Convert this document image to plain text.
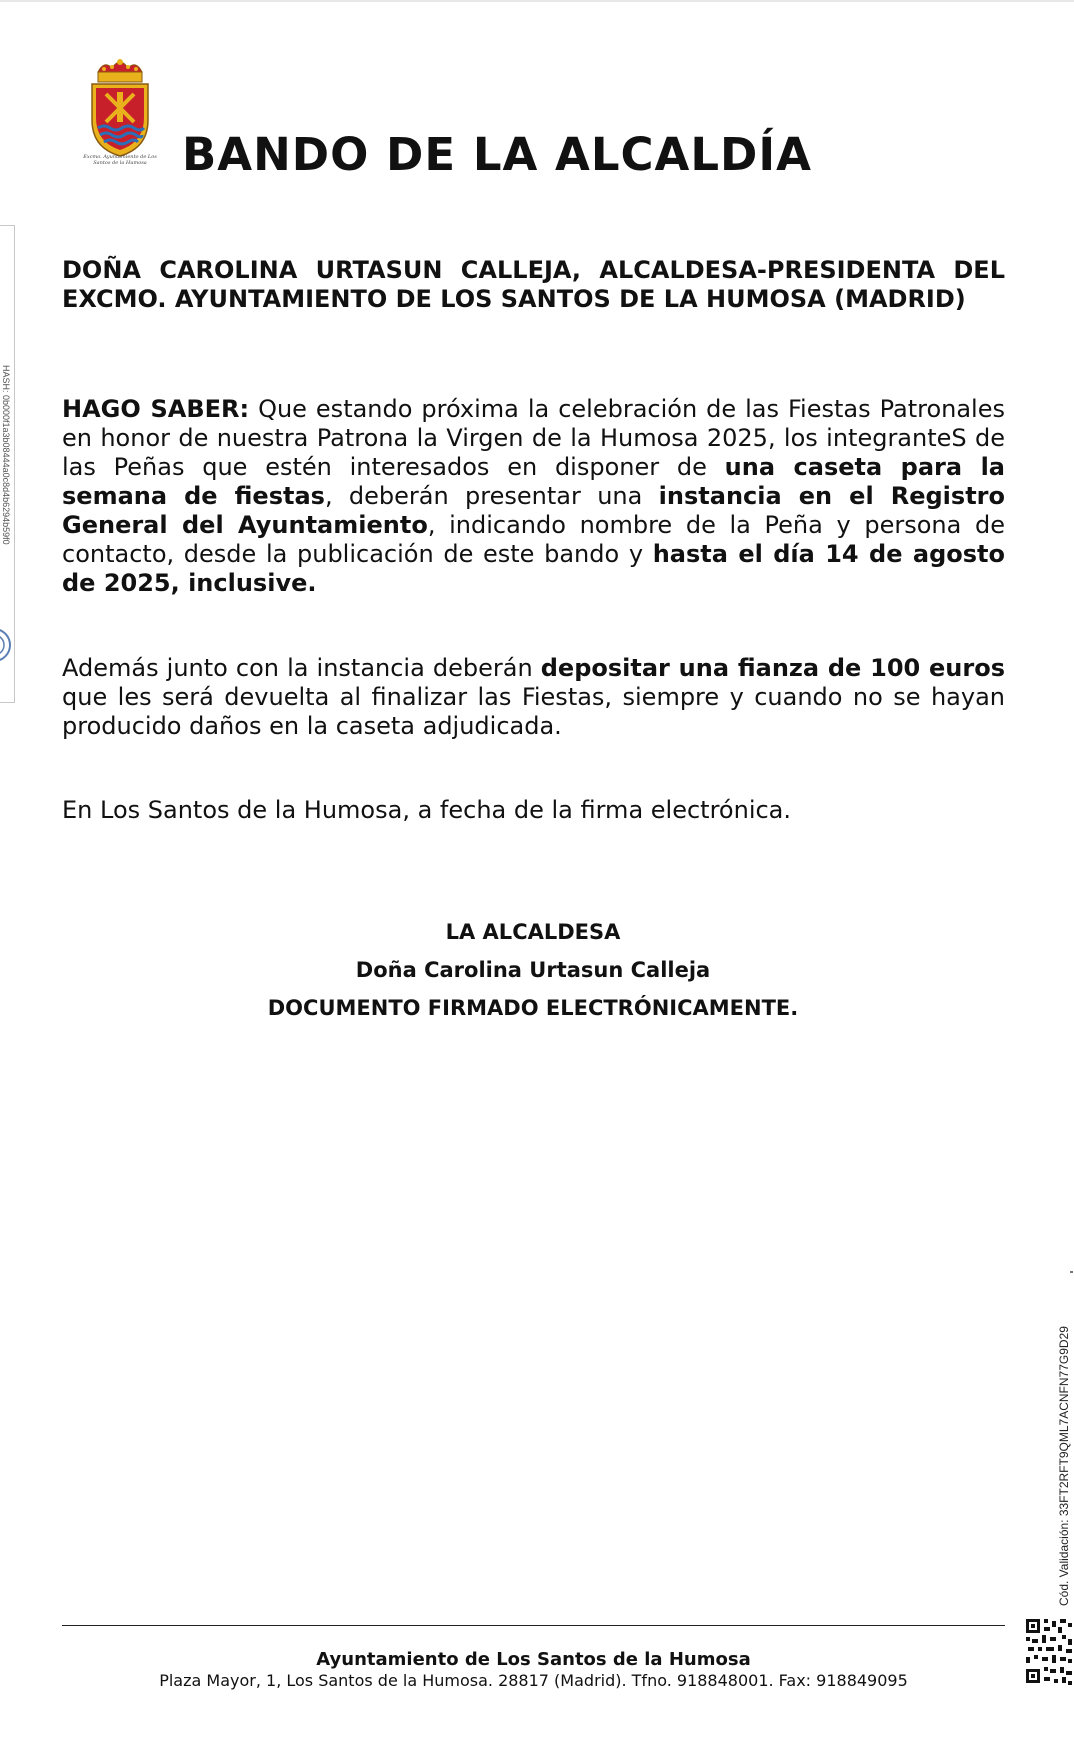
HASH: 0b000f1a3b08444a0c8d4b6294b59f0
Excmo. Ayuntamiento de Los Santos de la Humosa BANDO DE LA ALCALDÍA

DOÑA CAROLINA URTASUN CALLEJA, ALCALDESA-PRESIDENTA DEL EXCMO. AYUNTAMIENTO DE LOS SANTOS DE LA HUMOSA (MADRID)

HAGO SABER: Que estando próxima la celebración de las Fiestas Patronales en honor de nuestra Patrona la Virgen de la Humosa 2025, los integranteS de las Peñas que estén interesados en disponer de una caseta para la semana de fiestas, deberán presentar una instancia en el Registro General del Ayuntamiento, indicando nombre de la Peña y persona de contacto, desde la publicación de este bando y hasta el día 14 de agosto de 2025, inclusive.

Además junto con la instancia deberán depositar una fianza de 100 euros que les será devuelta al finalizar las Fiestas, siempre y cuando no se hayan producido daños en la caseta adjudicada.

En Los Santos de la Humosa, a fecha de la firma electrónica.

LA ALCALDESA

Doña Carolina Urtasun Calleja

DOCUMENTO FIRMADO ELECTRÓNICAMENTE.

Cód. Validación: 33FT2RFT9QML7ACNFN77G9D29

Ayuntamiento de Los Santos de la Humosa

Plaza Mayor, 1, Los Santos de la Humosa. 28817 (Madrid). Tfno. 918848001. Fax: 918849095
